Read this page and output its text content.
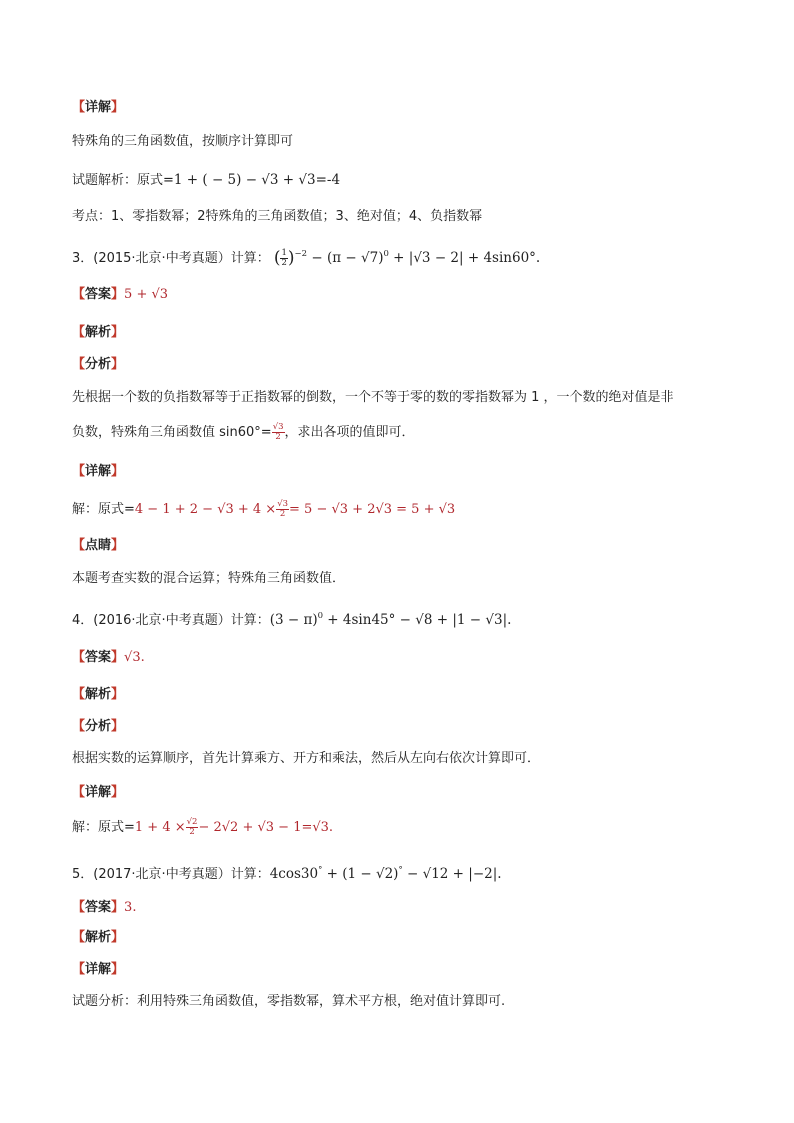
【详解】
特殊角的三角函数值，按顺序计算即可
试题解析：原式=1 + ( − 5) − √3 + √3=-4
考点：1、零指数幂；2特殊角的三角函数值；3、绝对值；4、负指数幂
3．(2015·北京·中考真题）计算： ( $\frac{1}{2} )^{-2} - (\pi - √7)^0 + |√3 - 2| + 4\sin 60^\circ$.
【答案】5 + √3
【解析】
【分析】
先根据一个数的负指数幂等于正指数幂的倒数，一个不等于零的数的零指数幂为 1 ，一个数的绝对值是非
负数，特殊角三角函数值 $\sin 60^\circ= \frac{√3}{2}$ ，求出各项的值即可．
【详解】
解：原式$=4 - 1 + 2 - √3 + 4 \times \frac{√3}{2} = 5 - √3 + 2√3 = 5 + √3$
【点睛】
本题考查实数的混合运算；特殊角三角函数值．
4．(2016·北京·中考真题）计算：$(3 - \pi)^0 + 4\sin 45^\circ - √8 + |1 - √3|$.
【答案】√3.
【解析】
【分析】
根据实数的运算顺序，首先计算乘方、开方和乘法，然后从左向右依次计算即可．
【详解】
解：原式$=1 + 4 \times \frac{√2}{2} - 2√2 + √3 - 1=√3$.
5．(2017·北京·中考真题）计算：4cos30° + (1 − √2)° − √12 + |−2|.
【答案】3.
【解析】
【详解】
试题分析：利用特殊三角函数值，零指数幂，算术平方根，绝对值计算即可.
